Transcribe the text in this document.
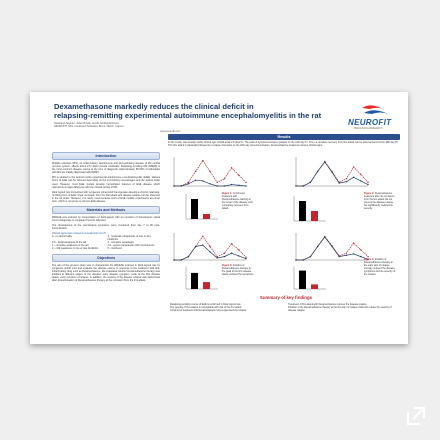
Dexamethasone markedly reduces the clinical deficit in
relapsing-remitting experimental autoimmune encephalomyelitis in the rat
Stéphane Sagnier, Julien Binder, Emilie Andriambeloson
NEUROFIT SAS, boulevard Sébastien Brant, Illkirch, France
www.neurofit.com
NEUROFIT
PRECLINICAL RESEARCH
Introduction
Multiple sclerosis (MS), an inflammatory, autoimmune and demyelinating disease of the central nervous system, affects about 2.5 million people worldwide. Relapsing-remitting MS (RRMS) is the most common disease course at the time of diagnosis. Approximately 85-90% of individuals with MS are initially diagnosed with RRMS.
MS is studied in the animal model experimental autoimmune encephalomyelitis (EAE). Various forms of EAE can be induced depending on the immunizing neuroantigen and the animal strain used. However, most EAE models develop monophasic features of EAE disease which represents a major difference with the clinical setting of MS.
Dark Agouti rats immunized with syngeneic spinal cord homogenate develop a chronic relapsing-remitting form of EAE. Clear remission from the first attack and disease relapse can be observed in the rat strain. However, it is rarely used because most of EAE models experiments are short term, which is not prone to chronic EAE disease.
Materials and Methods
RRrEAE was induced by immunization of Dark-Agouti with an emulsion of homologous spinal cord homogenate in complete Freund's adjuvant.
The development of the neurological symptoms were monitored from day 7 to 28 post-immunization.
Clinical signs were scored on a scale from 0 to 5:
0 - no abnormality	3 - moderate paraparesis of one or two hindlimbs
0.5 - distal weakness of the tail	4 - complete paraplegia
1 - complete weakness of the tail	4.5 - severe paraparesis with incontinence
2 - mild weakness in one or two hindlimbs	5 - moribund
Objectives
The aim of the present study was to characterize the RRrEAE induced in Dark-Agouti rats by syngeneic spinal cord and evaluate the disease course in response to the treatment with anti-inflammatory drug such as Dexamethasone. We evaluated whether Dexamethasone therapy was initiated at different stages of the disease: early disease symptom, peak of the first disease attack, early symptom of relapse. In addition, the severity of the disease relapse was determined after discontinuation of Dexamethasone therapy at the remission from the first attack.
Results
In this model, rats develop visible clinical sign of EAE around 9 days P.I. The peak of symptoms became greatest on the 12th day P.I. Then, a complete recovery from first attack can be observed around the 18th day P.I. This first attack is classically followed by a relapse that starts on the 20th day post-immunization. Dexamethasone treatment reduces clinical signs.
Figure 1: Continuous treatment with Dexamethasone starting at the onset of the disease until completely recovers from attack.
Figure 2: Dexamethasone treatment after the remission from the first attack did not prevent the disease relapse but significantly reduced its severity.
Figure 3: Initiation of Dexamethasone therapy at the peak of the first disease attack reduced the symptoms.
Figure 4: Initiation of Dexamethasone therapy at the early sign of relapse strongly reduced the disease symptoms and the severity of the relapse.
Summary of key findings
Relapsing-remitting course of EAE is confirmed in Dark-Agouti rats
The severity of the relapse is comparable with that of the first attack
Continuous treatment with Dexamethasone fully suppressed the relapse
Treatment of first attack with Dexamethasone reduces the disease relapse
Initiation of the Dexamethasone therapy at the first sign of relapse markedly reduce the severity of disease relapse
